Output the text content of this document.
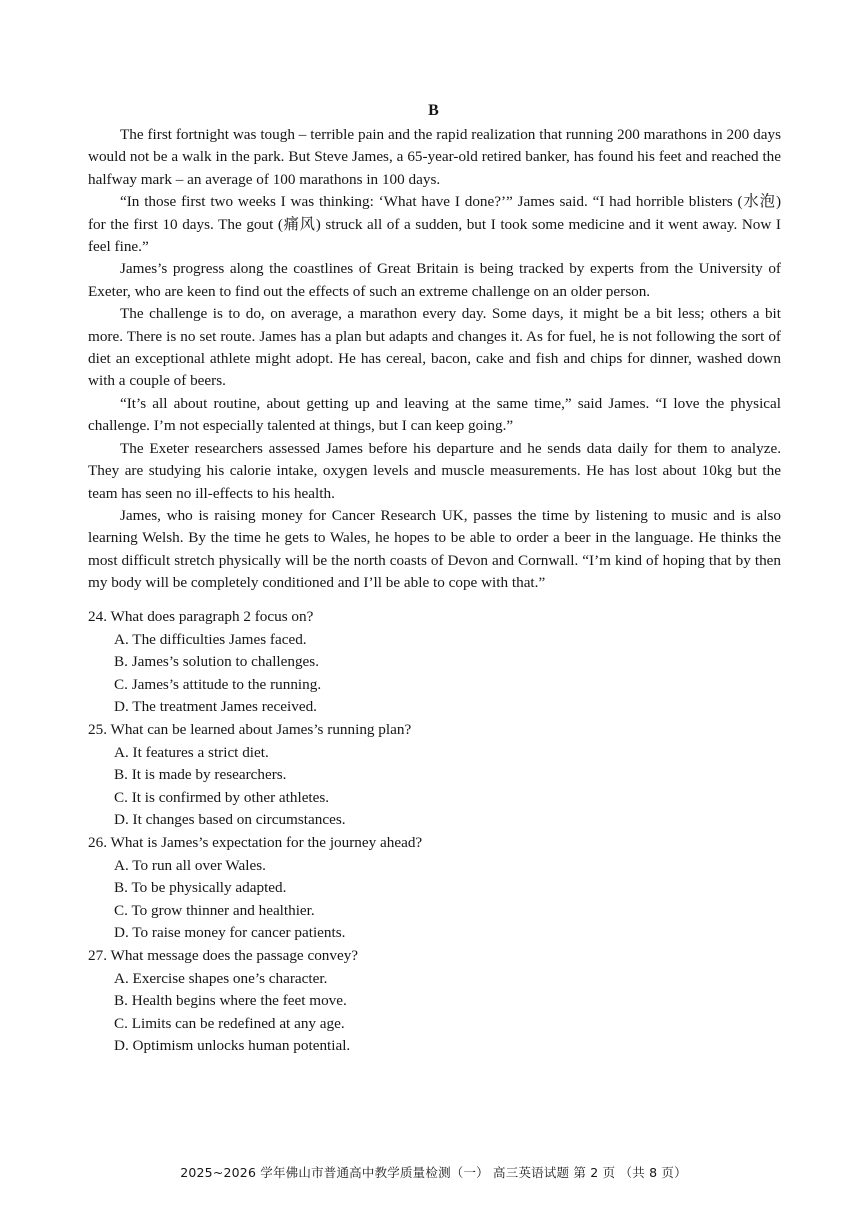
B

The first fortnight was tough – terrible pain and the rapid realization that running 200 marathons in 200 days would not be a walk in the park. But Steve James, a 65-year-old retired banker, has found his feet and reached the halfway mark – an average of 100 marathons in 100 days.

“In those first two weeks I was thinking: ‘What have I done?’” James said. “I had horrible blisters (水泡) for the first 10 days. The gout (痛风) struck all of a sudden, but I took some medicine and it went away. Now I feel fine.”

James’s progress along the coastlines of Great Britain is being tracked by experts from the University of Exeter, who are keen to find out the effects of such an extreme challenge on an older person.

The challenge is to do, on average, a marathon every day. Some days, it might be a bit less; others a bit more. There is no set route. James has a plan but adapts and changes it. As for fuel, he is not following the sort of diet an exceptional athlete might adopt. He has cereal, bacon, cake and fish and chips for dinner, washed down with a couple of beers.

“It’s all about routine, about getting up and leaving at the same time,” said James. “I love the physical challenge. I’m not especially talented at things, but I can keep going.”

The Exeter researchers assessed James before his departure and he sends data daily for them to analyze. They are studying his calorie intake, oxygen levels and muscle measurements. He has lost about 10kg but the team has seen no ill-effects to his health.

James, who is raising money for Cancer Research UK, passes the time by listening to music and is also learning Welsh. By the time he gets to Wales, he hopes to be able to order a beer in the language. He thinks the most difficult stretch physically will be the north coasts of Devon and Cornwall. “I’m kind of hoping that by then my body will be completely conditioned and I’ll be able to cope with that.”

24. What does paragraph 2 focus on?

A. The difficulties James faced.

B. James’s solution to challenges.

C. James’s attitude to the running.

D. The treatment James received.

25. What can be learned about James’s running plan?

A. It features a strict diet.

B. It is made by researchers.

C. It is confirmed by other athletes.

D. It changes based on circumstances.

26. What is James’s expectation for the journey ahead?

A. To run all over Wales.

B. To be physically adapted.

C. To grow thinner and healthier.

D. To raise money for cancer patients.

27. What message does the passage convey?

A. Exercise shapes one’s character.

B. Health begins where the feet move.

C. Limits can be redefined at any age.

D. Optimism unlocks human potential.

2025~2026 学年佛山市普通高中教学质量检测（一） 高三英语试题 第 2 页 （共 8 页）
